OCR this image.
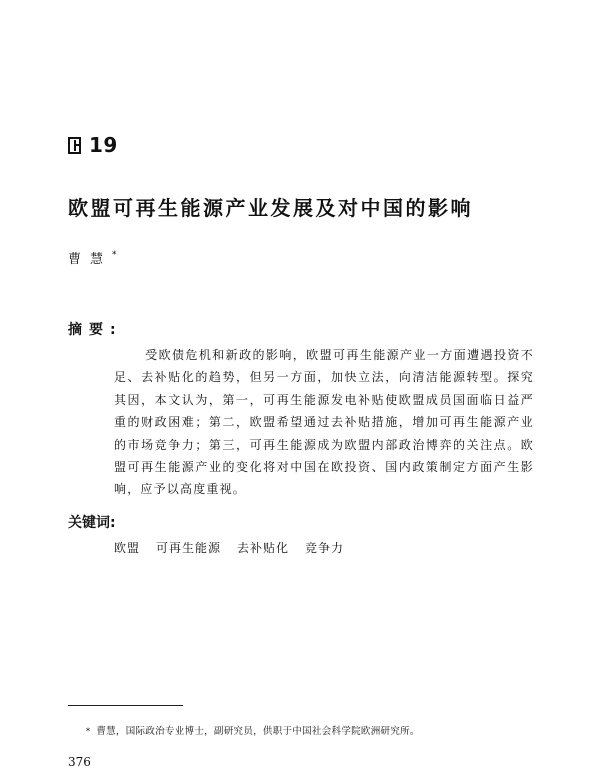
19
欧盟可再生能源产业发展及对中国的影响
曹慧*
摘要:
受欧债危机和新政的影响，欧盟可再生能源产业一方面遭遇投资不足、去补贴化的趋势，但另一方面，加快立法，向清洁能源转型。探究其因，本文认为，第一，可再生能源发电补贴使欧盟成员国面临日益严重的财政困难；第二，欧盟希望通过去补贴措施，增加可再生能源产业的市场竞争力；第三，可再生能源成为欧盟内部政治博弈的关注点。欧盟可再生能源产业的变化将对中国在欧投资、国内政策制定方面产生影响，应予以高度重视。
关键词:
欧盟 可再生能源 去补贴化 竞争力
* 曹慧，国际政治专业博士，副研究员，供职于中国社会科学院欧洲研究所。
376
